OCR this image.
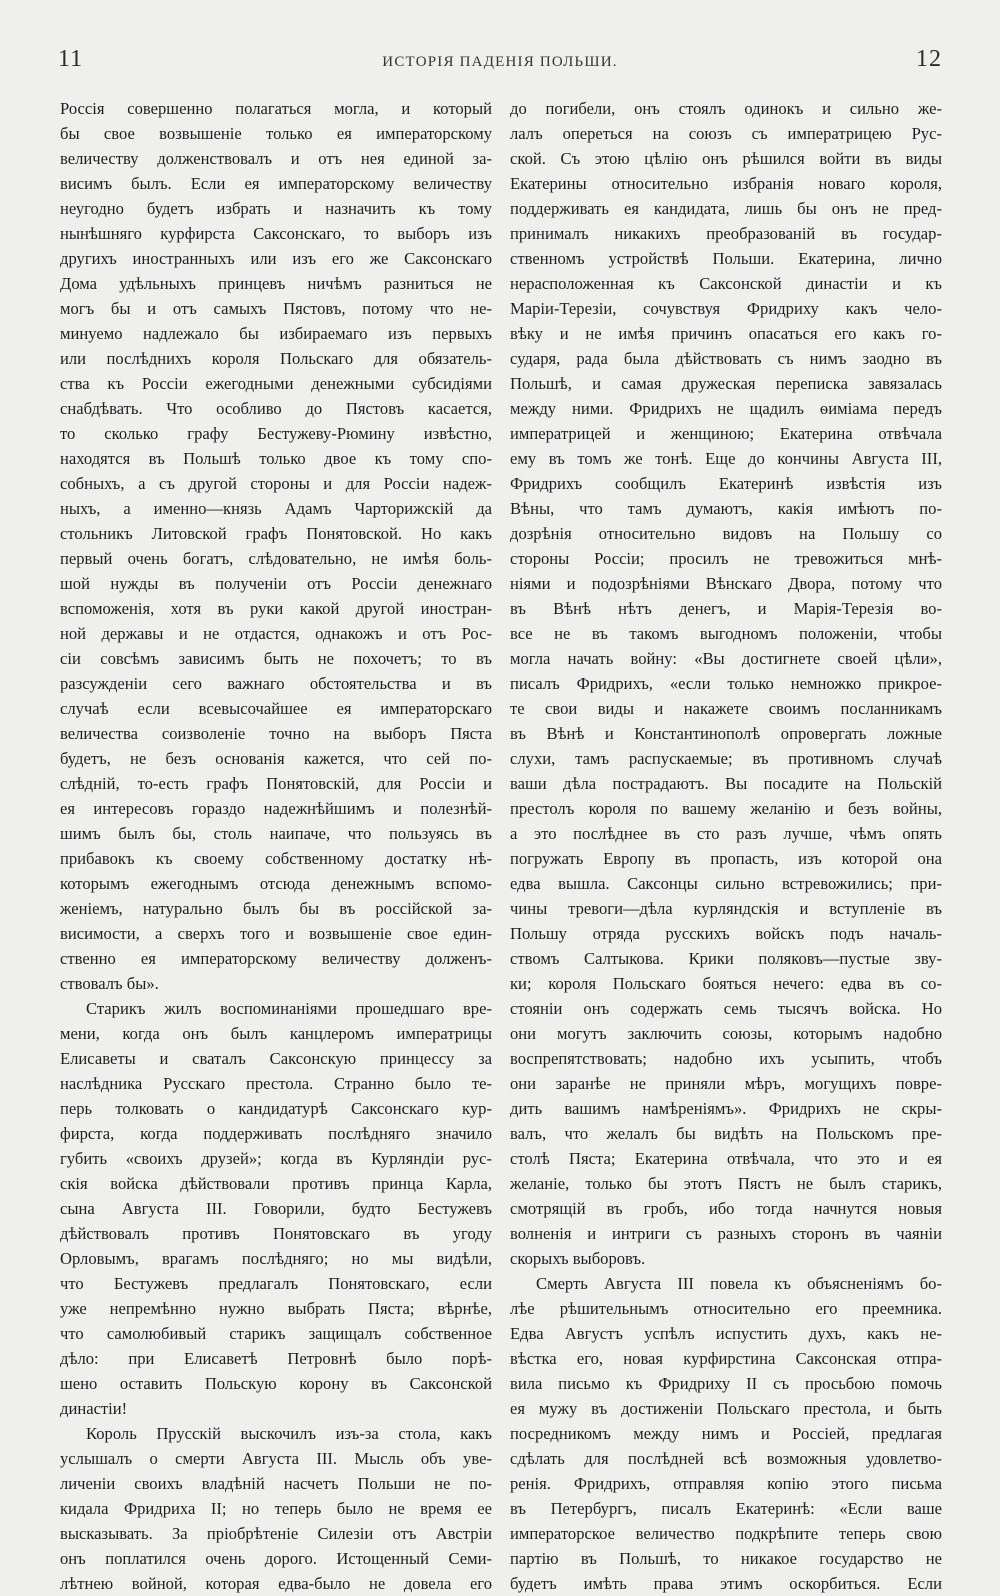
11	ИСТОРІЯ ПАДЕНІЯ ПОЛЬШИ.	12
Россія совершенно полагаться могла, и который
бы свое возвышеніе только ея императорскому
величеству долженствовалъ и отъ нея единой за-
висимъ былъ. Если ея императорскому величеству
неугодно будетъ избрать и назначить къ тому
нынѣшняго курфирста Саксонскаго, то выборъ изъ
другихъ иностранныхъ или изъ его же Саксонскаго
Дома удѣльныхъ принцевъ ничѣмъ разниться не
могъ бы и отъ самыхъ Пястовъ, потому что не-
минуемо надлежало бы избираемаго изъ первыхъ
или послѣднихъ короля Польскаго для обязатель-
ства къ Россіи ежегодными денежными субсидіями
снабдѣвать. Что особливо до Пястовъ касается,
то сколько графу Бестужеву-Рюмину извѣстно,
находятся въ Польшѣ только двое къ тому спо-
собныхъ, а съ другой стороны и для Россіи надеж-
ныхъ, а именно—князь Адамъ Чарторижскій да
стольникъ Литовской графъ Понятовской. Но какъ
первый очень богатъ, слѣдовательно, не имѣя боль-
шой нужды въ полученіи отъ Россіи денежнаго
вспоможенія, хотя въ руки какой другой иностран-
ной державы и не отдастся, однакожъ и отъ Рос-
сіи совсѣмъ зависимъ быть не похочетъ; то въ
разсужденіи сего важнаго обстоятельства и въ
случаѣ если всевысочайшее ея императорскаго
величества соизволеніе точно на выборъ Пяста
будетъ, не безъ основанія кажется, что сей по-
слѣдній, то-есть графъ Понятовскій, для Россіи и
ея интересовъ гораздо надежнѣйшимъ и полезнѣй-
шимъ былъ бы, столь наипаче, что пользуясь въ
прибавокъ къ своему собственному достатку нѣ-
которымъ ежегоднымъ отсюда денежнымъ вспомо-
женіемъ, натурально былъ бы въ россійской за-
висимости, а сверхъ того и возвышеніе свое един-
ственно ея императорскому величеству долженъ-
ствовалъ бы».
Старикъ жилъ воспоминаніями прошедшаго вре-
мени, когда онъ былъ канцлеромъ императрицы
Елисаветы и сваталъ Саксонскую принцессу за
наслѣдника Русскаго престола. Странно было те-
перь толковать о кандидатурѣ Саксонскаго кур-
фирста, когда поддерживать послѣдняго значило
губить «своихъ друзей»; когда въ Курляндіи рус-
скія войска дѣйствовали противъ принца Карла,
сына Августа III. Говорили, будто Бестужевъ
дѣйствовалъ противъ Понятовскаго въ угоду
Орловымъ, врагамъ послѣдняго; но мы видѣли,
что Бестужевъ предлагалъ Понятовскаго, если
уже непремѣнно нужно выбрать Пяста; вѣрнѣе,
что самолюбивый старикъ защищалъ собственное
дѣло: при Елисаветѣ Петровнѣ было порѣ-
шено оставить Польскую корону въ Саксонской
династіи!
Король Прусскій выскочилъ изъ-за стола, какъ
услышалъ о смерти Августа III. Мысль объ уве-
личеніи своихъ владѣній насчетъ Польши не по-
кидала Фридриха II; но теперь было не время ее
высказывать. За пріобрѣтеніе Силезіи отъ Австріи
онъ поплатился очень дорого. Истощенный Семи-
лѣтнею войной, которая едва-было не довела его
до погибели, онъ стоялъ одинокъ и сильно же-
лалъ опереться на союзъ съ императрицею Рус-
ской. Съ этою цѣлію онъ рѣшился войти въ виды
Екатерины относительно избранія новаго короля,
поддерживать ея кандидата, лишь бы онъ не пред-
принималъ никакихъ преобразованій въ государ-
ственномъ устройствѣ Польши. Екатерина, лично
нерасположенная къ Саксонской династіи и къ
Маріи-Терезіи, сочувствуя Фридриху какъ чело-
вѣку и не имѣя причинъ опасаться его какъ го-
сударя, рада была дѣйствовать съ нимъ заодно въ
Польшѣ, и самая дружеская переписка завязалась
между ними. Фридрихъ не щадилъ ѳиміама передъ
императрицей и женщиною; Екатерина отвѣчала
ему въ томъ же тонѣ. Еще до кончины Августа III,
Фридрихъ сообщилъ Екатеринѣ извѣстія изъ
Вѣны, что тамъ думаютъ, какія имѣютъ по-
дозрѣнія относительно видовъ на Польшу со
стороны Россіи; просилъ не тревожиться мнѣ-
ніями и подозрѣніями Вѣнскаго Двора, потому что
въ Вѣнѣ нѣтъ денегъ, и Марія-Терезія во-
все не въ такомъ выгодномъ положеніи, чтобы
могла начать войну: «Вы достигнете своей цѣли»,
писалъ Фридрихъ, «если только немножко прикрое-
те свои виды и накажете своимъ посланникамъ
въ Вѣнѣ и Константинополѣ опровергать ложные
слухи, тамъ распускаемые; въ противномъ случаѣ
ваши дѣла пострадаютъ. Вы посадите на Польскій
престолъ короля по вашему желанію и безъ войны,
а это послѣднее въ сто разъ лучше, чѣмъ опять
погружать Европу въ пропасть, изъ которой она
едва вышла. Саксонцы сильно встревожились; при-
чины тревоги—дѣла курляндскія и вступленіе въ
Польшу отряда русскихъ войскъ подъ началь-
ствомъ Салтыкова. Крики поляковъ—пустые зву-
ки; короля Польскаго бояться нечего: едва въ со-
стояніи онъ содержать семь тысячъ войска. Но
они могутъ заключить союзы, которымъ надобно
воспрепятствовать; надобно ихъ усыпить, чтобъ
они заранѣе не приняли мѣръ, могущихъ повре-
дить вашимъ намѣреніямъ». Фридрихъ не скры-
валъ, что желалъ бы видѣть на Польскомъ пре-
столѣ Пяста; Екатерина отвѣчала, что это и ея
желаніе, только бы этотъ Пястъ не былъ старикъ,
смотрящій въ гробъ, ибо тогда начнутся новыя
волненія и интриги съ разныхъ сторонъ въ чаяніи
скорыхъ выборовъ.
Смерть Августа III повела къ объясненіямъ бо-
лѣе рѣшительнымъ относительно его преемника.
Едва Августъ успѣлъ испустить духъ, какъ не-
вѣстка его, новая курфирстина Саксонская отпра-
вила письмо къ Фридриху II съ просьбою помочь
ея мужу въ достиженіи Польскаго престола, и быть
посредникомъ между нимъ и Россіей, предлагая
сдѣлать для послѣдней всѣ возможныя удовлетво-
ренія. Фридрихъ, отправляя копію этого письма
въ Петербургъ, писалъ Екатеринѣ: «Если ваше
императорское величество подкрѣпите теперь свою
партію въ Польшѣ, то никакое государство не
будетъ имѣть права этимъ оскорбиться. Если
